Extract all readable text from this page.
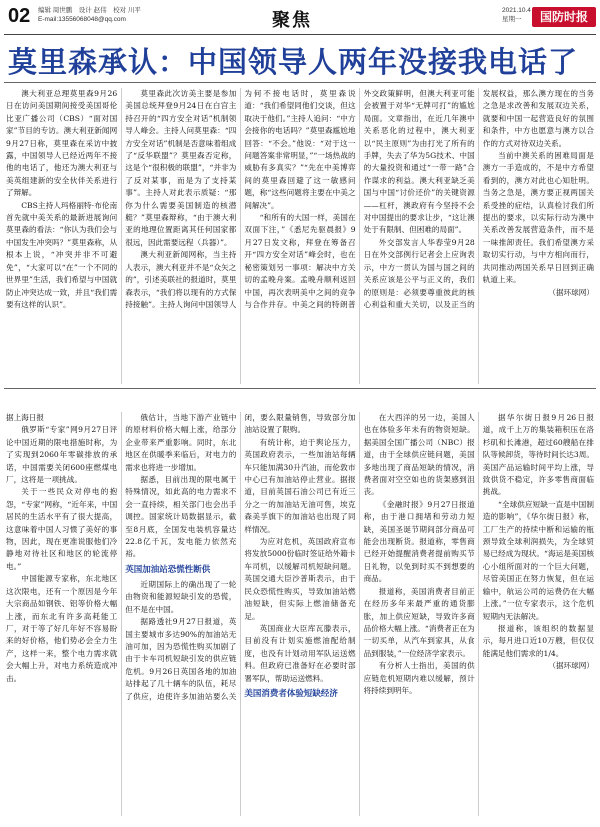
02 编辑 周世鹏　设计 赵伟　校对 川平
E-mail:13556068048@qq.com	聚焦	2021.10.4
星期一	国防时报
莫里森承认：中国领导人两年没接我电话了

澳大利亚总理莫里森9月26日在访问美国期间接受美国哥伦比亚广播公司（CBS）“面对国家”节目的专访。澳大利亚新闻网9月27日称，莫里森在采访中披露，中国领导人已经近两年不接他的电话了，他还为澳大利亚与美英组建新的安全伙伴关系进行了辩解。

CBS主持人玛格丽特·布伦南首先就中美关系的最新进展询问莫里森的看法：“你认为我们会与中国发生冲突吗？”莫里森称，从根本上说，“冲突并非不可避免”，“大家可以“在”一个不同的世界里”生活，我们希望与中国就防止冲突达成一致，并且“我们需要有这样的认识”。

莫里森此次访美主要是参加美国总统拜登9月24日在白宫主持召开的“四方安全对话”机制领导人峰会。主持人问莫里森：“四方安全对话”机制是否意味着组成了“反华联盟”？莫里森否定称，这是个“很积极的联盟”，“并非为了反对某事，而是为了支持某事”。主持人对此表示质疑：“那你为什么需要美国制造的核潜艇？”莫里森辩称，“由于澳大利亚的地理位置距离其任何国家都很远，因此需要远程（兵器）”。

澳大利亚新闻网称，当主持人表示，澳大利亚并不是“众矢之的”，引述美联社的报道时，莫里森表示，“我们将以现有的方式保持接触”。主持人询问中国领导人为何不接电话时，莫里森说道：“我们希望同他们交谈，但这取决于他们。”主持人追问：“中方会接你的电话吗？”莫里森尴尬地回答：“不会。”他说：“对于这一问题答案非常明显，”“一场热战的威胁有多真实？”“先在中美博弈间的莫里森回避了这一敏感问题，称“这些问题将主要在中美之间解决”。

“和所有的大国一样，美国在双面下注，”《悉尼先驱晨报》9月27日发文称，拜登在筹备召开“四方安全对话”峰会时，也在秘密策划另一事项：解决中方关切的孟晚舟案。孟晚舟顺利返回中国，再次表明美中之间的竞争与合作并存。中美之间的特朗普外交政策鲜明，但澳大利亚可能会被置于对华“无牌可打”的尴尬局面。文章指出，在近几年澳中关系恶化的过程中，澳大利亚以“民主原则”为由打光了所有的手牌，失去了华为5G技术、中国的大量投资和通过“一带一路”合作谋求的利益。澳大利亚缺乏美国与中国“讨价还价”的关键资源——杠杆，澳政府有今坚持不会对中国提出的要求让步，“这让澳处于有限制、但困难的局面”。

外交部发言人华春莹9月28日在外交部例行记者会上应询表示，中方一贯认为国与国之间的关系应该是公平与正义的，我们的原则是：必须要尊重彼此的核心利益和重大关切，以及正当的发展权益，那么澳方现在的当务之急是求改善和发展双边关系，就要和中国一起营造良好的氛围和条件，中方也愿意与澳方以合作的方式对待双边关系。

当前中澳关系的困难局面是澳方一手造成的，不是中方希望看到的，澳方对此也心知肚明。当务之急是，澳方要正视两国关系受挫的症结，认真检讨我们所提出的要求，以实际行动为澳中关系改善发展营造条件，而不是一味推卸责任。我们希望澳方采取切实行动，与中方相向而行，共同推动两国关系早日回到正确轨道上来。

（据环球网）

据上海日报

俄罗斯“专家”网9月27日评论中国近期的限电措施时称，为了实现到2060年零碳排放的承诺，中国需要关闭600座燃煤电厂，这将是一项挑战。

关于一些民众对停电的抱怨，“专家”网称，“近年来，中国居民的生活水平有了很大提高，这意味着中国人习惯了美好的事物，因此，现在更准说服他们冷静地对待社区和地区的轮流停电。”

中国能源专家称，东北地区这次限电，还有一个原因是今年大宗商品如钢铁、铝等价格大幅上涨，而东北有许多高耗能工厂，对于等了好几年好不容易盼来的好价格，他们势必会全力生产，这样一来，整个电力需求就会大幅上升，对电力系统造成冲击。

俄估计，当地下游产业链中的原材料价格大幅上涨，给部分企业带来严重影响。同时，东北地区在供暖季来临后，对电力的需求也将进一步增加。

据悉，目前出现的限电属于特殊情况，如此高的电力需求不会一直持续，相关部门也会出手调控。国家统计局数据显示，截至8月底，全国发电装机容量达22.8亿千瓦，发电能力依然充裕。

英国加油站恐慌性断供

近期国际上的确出现了一轮由物资和能源短缺引发的恐慌，但不是在中国。

据路透社9月27日报道，英国主要城市多达90%的加油站无油可加，因为恐慌性购买加剧了由于卡车司机短缺引发的供应链危机。9月26日英国各地的加油站排起了几十辆车的队伍，耗尽了供应，迫使许多加油站要么关闭，要么限量销售，导致部分加油站设置了限购。

有统计称，迫于舆论压力，英国政府表示，一些加油站每辆车只能加满30升汽油，而伦敦市中心已有加油站停止营业。据报道，目前英国石油公司已有近三分之一的加油站无油可售，埃克森美孚旗下的加油站也出现了同样情况。

为应对危机，英国政府宣布将发放5000份临时签证给外籍卡车司机，以缓解司机短缺问题。英国交通大臣沙普斯表示，由于民众恐慌性购买，导致加油站燃油短缺，但实际上燃油储备充足。

英国商业大臣库瓦滕表示，目前没有计划实施燃油配给制度，也没有计划动用军队运送燃料。但政府已准备好在必要时部署军队，帮助运送燃料。

美国消费者体验短缺经济

在大西洋的另一边，美国人也在体验多年未有的物资短缺。据美国全国广播公司（NBC）报道，由于全球供应链问题，美国多地出现了商品短缺的情况，消费者面对空空如也的货架感到沮丧。

《金融时报》9月27日报道称，由于港口拥堵和劳动力短缺，美国圣诞节期间部分商品可能会出现断货。报道称，零售商已经开始提醒消费者提前购买节日礼物，以免到时买不到想要的商品。

报道称，美国消费者目前正在经历多年来最严重的通货膨胀，加上供应短缺，导致许多商品价格大幅上涨。“消费者正在为一切买单，从汽车到家具，从食品到服装，”一位经济学家表示。

有分析人士指出，美国的供应链危机短期内难以缓解，预计将持续到明年。

据华尔街日报9月26日报道，成千上万的集装箱积压在洛杉矶和长滩港，超过60艘船在排队等候卸货，等待时间长达3周。美国产品运输时间平均上涨，导致供货不稳定，许多零售商面临挑战。

“全球供应短缺一直是中国制造的影响”，《华尔街日报》称，工厂生产的持续中断和运输的瓶颈导致全球利润损失，为全球贸易已经成为现状。“海运是美国核心小组所面对的一个巨大问题，尽管美国正在努力恢复，但在运输中，航运公司的运费仍在大幅上涨。”一位专家表示，这个危机短期内无法解决。

报道称，该组织的数据显示，每月进口近10万艘，但仅仅能满足他们需求的1/4。

（据环球网）
